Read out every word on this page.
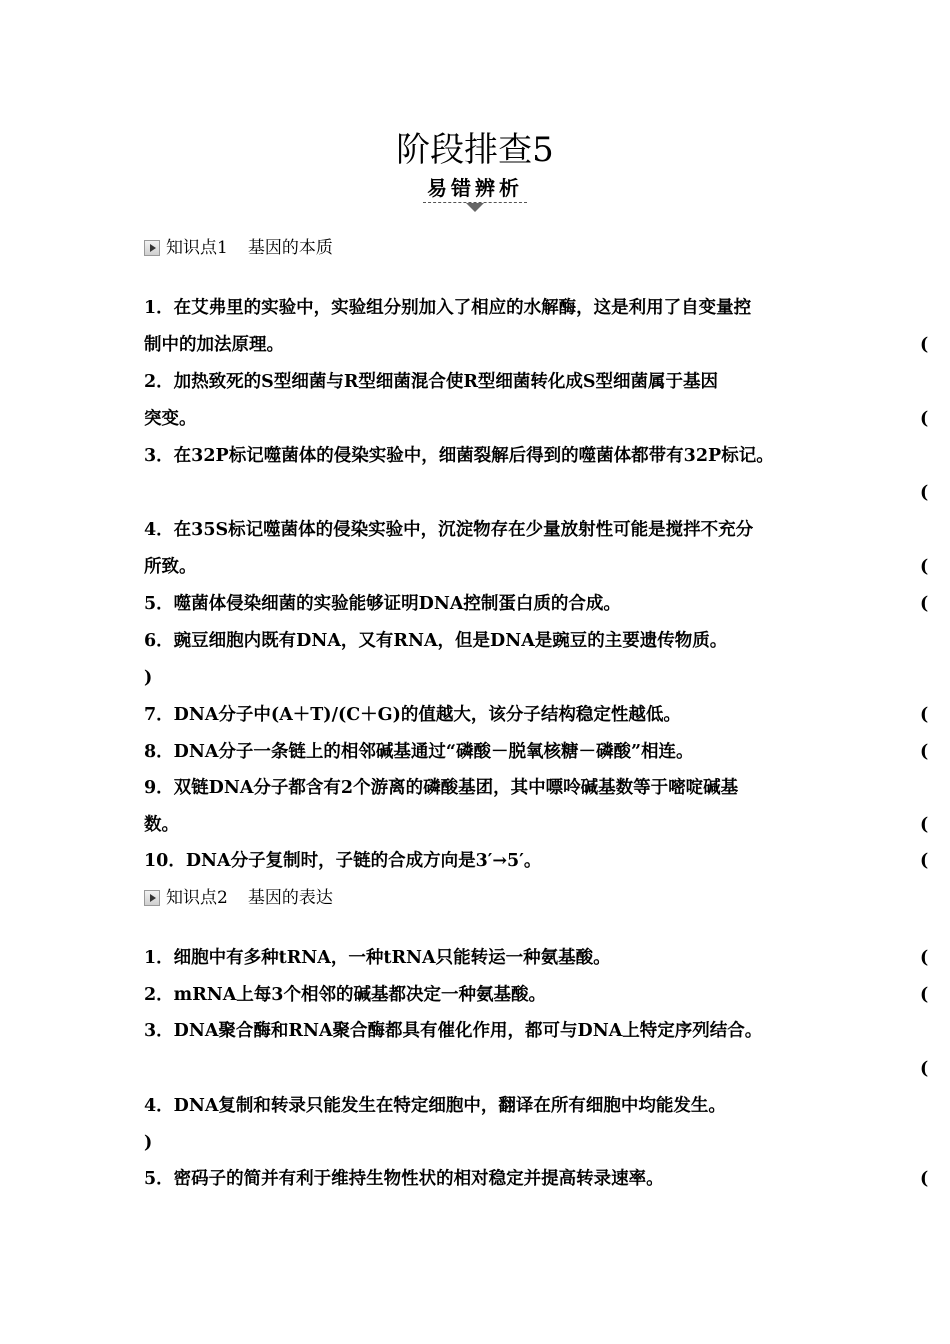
阶段排查5
易错辨析
知识点1 基因的本质
1．在艾弗里的实验中，实验组分别加入了相应的水解酶，这是利用了自变量控
制中的加法原理。	(
2．加热致死的S型细菌与R型细菌混合使R型细菌转化成S型细菌属于基因
突变。	(
3．在32P标记噬菌体的侵染实验中，细菌裂解后得到的噬菌体都带有32P标记。
(
4．在35S标记噬菌体的侵染实验中，沉淀物存在少量放射性可能是搅拌不充分
所致。	(
5．噬菌体侵染细菌的实验能够证明DNA控制蛋白质的合成。	(
6．豌豆细胞内既有DNA，又有RNA，但是DNA是豌豆的主要遗传物质。
)
7．DNA分子中(A＋T)/(C＋G)的值越大，该分子结构稳定性越低。	(
8．DNA分子一条链上的相邻碱基通过“磷酸－脱氧核糖－磷酸”相连。	(
9．双链DNA分子都含有2个游离的磷酸基团，其中嘌呤碱基数等于嘧啶碱基
数。	(
10．DNA分子复制时，子链的合成方向是3′→5′。	(
知识点2 基因的表达
1．细胞中有多种tRNA，一种tRNA只能转运一种氨基酸。	(
2．mRNA上每3个相邻的碱基都决定一种氨基酸。	(
3．DNA聚合酶和RNA聚合酶都具有催化作用，都可与DNA上特定序列结合。
(
4．DNA复制和转录只能发生在特定细胞中，翻译在所有细胞中均能发生。
)
5．密码子的简并有利于维持生物性状的相对稳定并提高转录速率。	(
